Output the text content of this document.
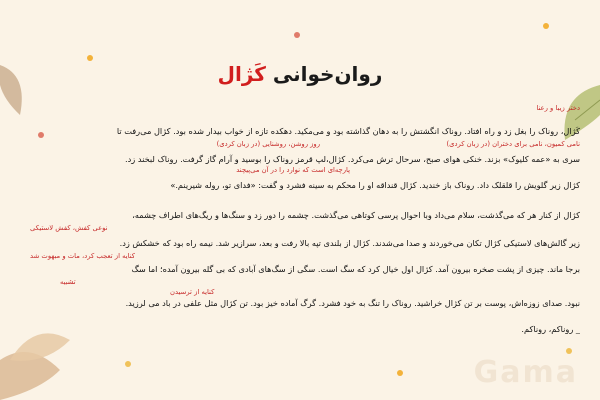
روان‌خوانی کَژال
دختر زیبا و رعنا
کَژال، روناک را بغل زد و راه افتاد. روناک انگشتش را به دهان گذاشته بود و می‌مکید. دهکده تازه از خواب بیدار شده بود. کژال می‌رفت تا
نامی کمیون، نامی برای دختران (در زبان کردی)
روز روشن، روشنایی (در زبان کردی)
سری به «عمه کلیوک» بزند. خنکی هوای صبح، سرحال ترش می‌کرد. کژال،لپ قرمز روناک را بوسید و آرام گاز گرفت. روناک لبخند زد.
پارچه‌ای است که نوارد را در آن می‌پیچند
کژال زیر گلویش را قلقلک داد. روناک باز خندید. کژال قنداقه او را محکم به سینه فشرد و گفت: «فدای تو، روله شیرینم.»
کژال از کنار هر که می‌گذشت، سلام می‌داد وبا احوال پرسی کوتاهی می‌گذشت. چشمه را دور زد و سنگ‌ها و ریگ‌های اطراف چشمه،
نوعی کفش، کفش لاستیکی
زیر گالش‌های لاستیکی کژال تکان می‌خوردند و صدا می‌شدند. کژال از بلندی تپه بالا رفت و بعد، سرازیر شد. نیمه راه بود که خشکش زد.
کنایه از تعجب کرد، مات و مبهوت شد
برجا ماند. چیزی از پشت صخره بیرون آمد. کژال اول خیال کرد که سگ است. سگی از سگ‌های آبادی که بی گله بیرون آمده؛ اما سگ
تشبیه
کنایه از ترسیدن
نبود. صدای زوزه‌اش، پوست بر تن کژال خراشید. روناک را تنگ به خود فشرد. گرگ آماده خیز بود. تن کژال مثل علفی در باد می لرزید.
_ روناکم، روناکم.
Gama
